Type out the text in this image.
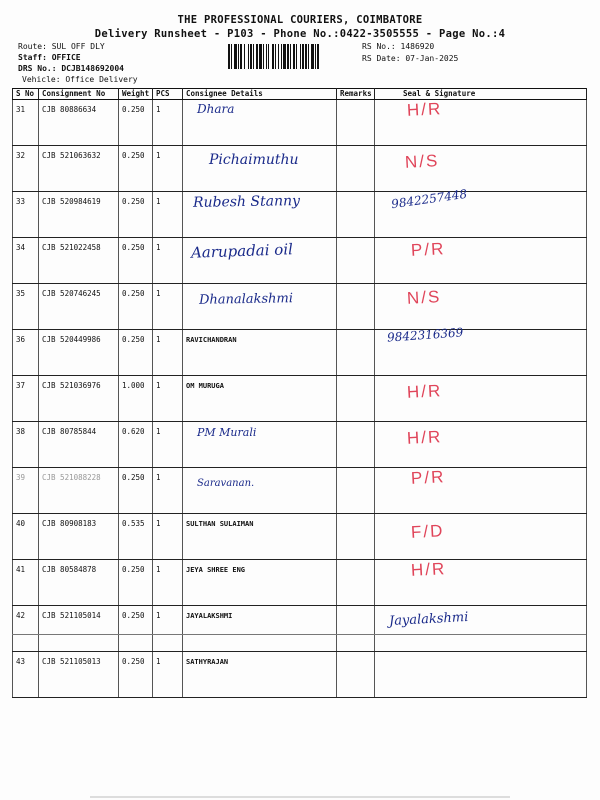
THE PROFESSIONAL COURIERS, COIMBATORE
Delivery Runsheet - P103 - Phone No.:0422-3505555 - Page No.:4
Route: SUL OFF DLY
Staff: OFFICE
DRS No.: DCJB148692004
Vehicle: Office Delivery
RS No.: 1486920
RS Date: 07-Jan-2025
S No	Consignment No	Weight	PCS	Consignee Details	Remarks	Seal & Signature
31	CJB 80886634	0.250	1	Dhara		H/R

32	CJB 521063632	0.250	1	Pichaimuthu		N/S

33	CJB 520984619	0.250	1	Rubesh Stanny		9842257448

34	CJB 521022458	0.250	1	Aarupadai oil		P/R

35	CJB 520746245	0.250	1	Dhanalakshmi		N/S

36	CJB 520449986	0.250	1	RAVICHANDRAN		9842316369

37	CJB 521036976	1.000	1	OM MURUGA		H/R

38	CJB 80785844	0.620	1	PM Murali		H/R

39	CJB 521088228	0.250	1	Saravanan.		P/R

40	CJB 80908183	0.535	1	SULTHAN SULAIMAN		F/D

41	CJB 80584878	0.250	1	JEYA SHREE ENG		H/R

42	CJB 521105014	0.250	1	JAYALAKSHMI		Jayalakshmi

43	CJB 521105013	0.250	1	SATHYRAJAN		
